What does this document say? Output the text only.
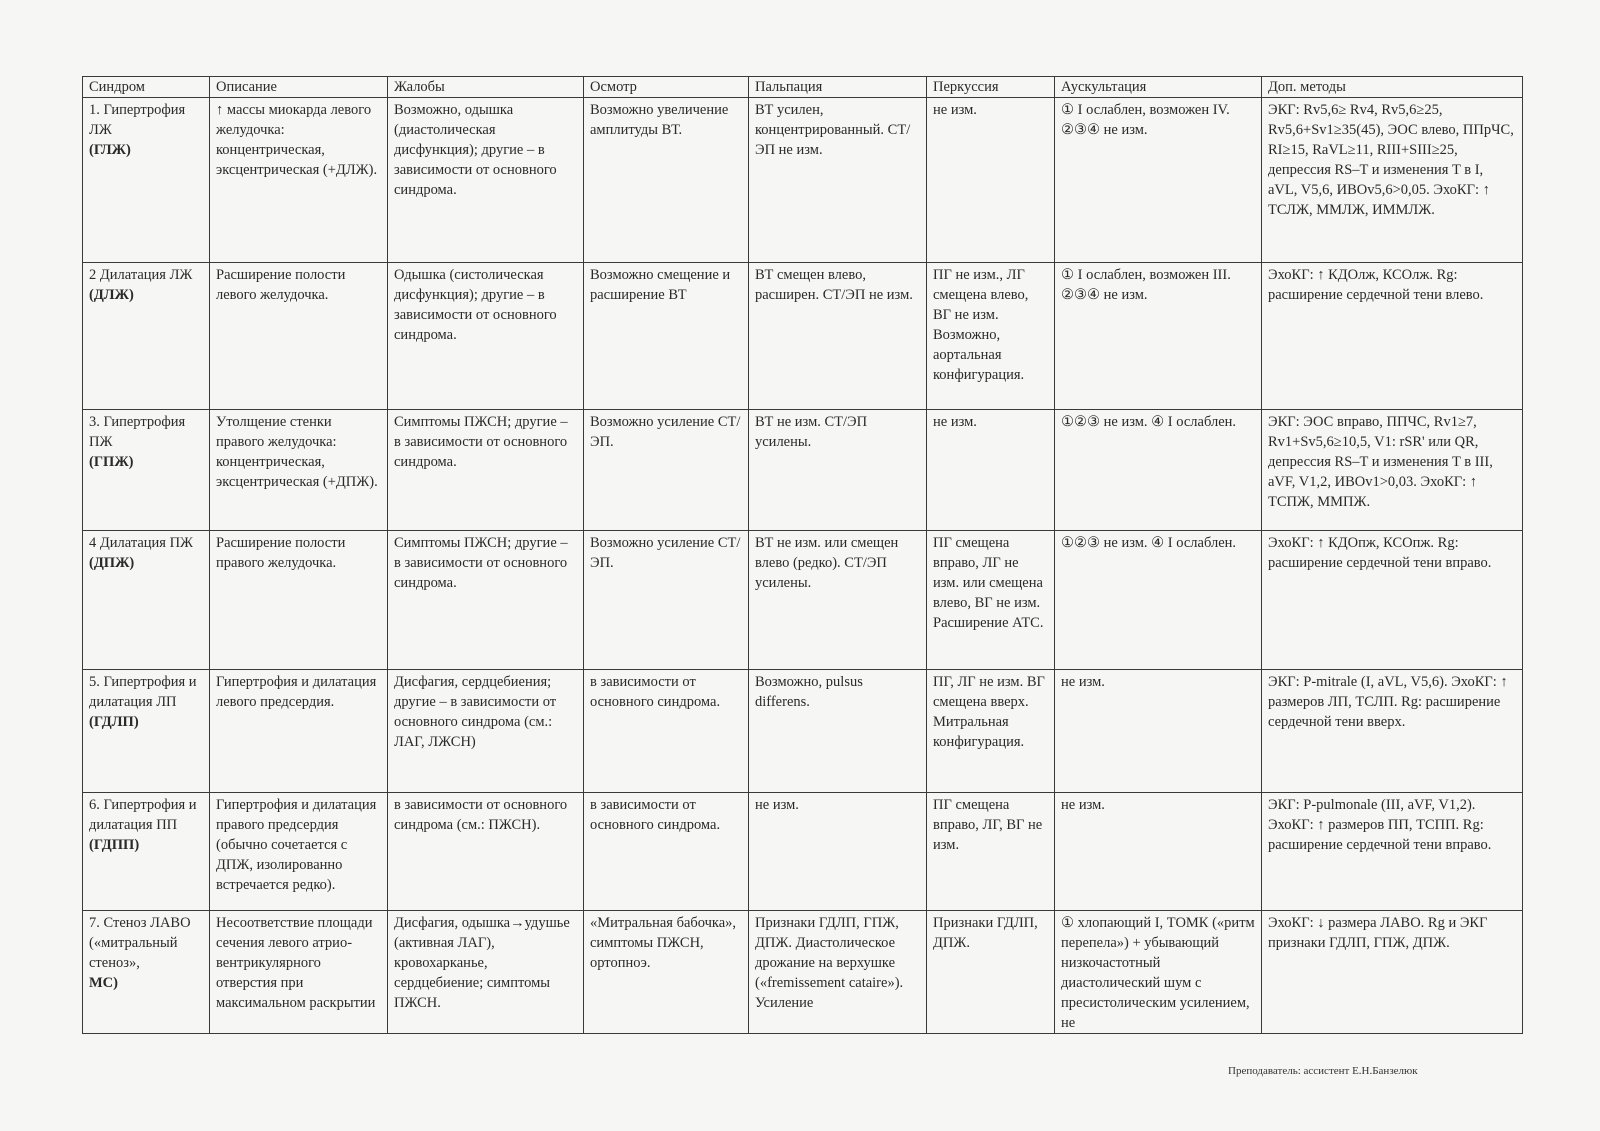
Синдром	Описание	Жалобы	Осмотр	Пальпация	Перкуссия	Аускультация	Доп. методы

1. Гипертрофия ЛЖ
(ГЛЖ)	↑ массы миокарда левого желудочка: концентрическая, эксцентрическая (+ДЛЖ).	Возможно, одышка (диастолическая дисфункция); другие – в зависимости от основного синдрома.	Возможно увеличение амплитуды ВТ.	ВТ усилен, концентрированный. СТ/ЭП не изм.	не изм.	① I ослаблен, возможен IV. ②③④ не изм.	ЭКГ: Rv5,6≥ Rv4, Rv5,6≥25, Rv5,6+Sv1≥35(45), ЭОС влево, ППрЧС, RI≥15, RaVL≥11, RIII+SIII≥25, депрессия RS–T и изменения T в I, aVL, V5,6, ИВОv5,6>0,05. ЭхоКГ: ↑ ТСЛЖ, ММЛЖ, ИММЛЖ.

2 Дилатация ЛЖ
(ДЛЖ)	Расширение полости левого желудочка.	Одышка (систолическая дисфункция); другие – в зависимости от основного синдрома.	Возможно смещение и расширение ВТ	ВТ смещен влево, расширен. СТ/ЭП не изм.	ПГ не изм., ЛГ смещена влево, ВГ не изм. Возможно, аортальная конфигурация.	① I ослаблен, возможен III. ②③④ не изм.	ЭхоКГ: ↑ КДОлж, КСОлж. Rg: расширение сердечной тени влево.

3. Гипертрофия ПЖ
(ГПЖ)	Утолщение стенки правого желудочка: концентрическая, эксцентрическая (+ДПЖ).	Симптомы ПЖСН; другие – в зависимости от основного синдрома.	Возможно усиление СТ/ЭП.	ВТ не изм. СТ/ЭП усилены.	не изм.	①②③ не изм. ④ I ослаблен.	ЭКГ: ЭОС вправо, ППЧС, Rv1≥7, Rv1+Sv5,6≥10,5, V1: rSR' или QR, депрессия RS–T и изменения T в III, aVF, V1,2, ИВОv1>0,03. ЭхоКГ: ↑ ТСПЖ, ММПЖ.

4 Дилатация ПЖ
(ДПЖ)	Расширение полости правого желудочка.	Симптомы ПЖСН; другие – в зависимости от основного синдрома.	Возможно усиление СТ/ЭП.	ВТ не изм. или смещен влево (редко). СТ/ЭП усилены.	ПГ смещена вправо, ЛГ не изм. или смещена влево, ВГ не изм. Расширение АТС.	①②③ не изм. ④ I ослаблен.	ЭхоКГ: ↑ КДОпж, КСОпж. Rg: расширение сердечной тени вправо.

5. Гипертрофия и дилатация ЛП
(ГДЛП)	Гипертрофия и дилатация левого предсердия.	Дисфагия, сердцебиения; другие – в зависимости от основного синдрома (см.: ЛАГ, ЛЖСН)	в зависимости от основного синдрома.	Возможно, pulsus differens.	ПГ, ЛГ не изм. ВГ смещена вверх. Митральная конфигурация.	не изм.	ЭКГ: P-mitrale (I, aVL, V5,6). ЭхоКГ: ↑ размеров ЛП, ТСЛП. Rg: расширение сердечной тени вверх.

6. Гипертрофия и дилатация ПП
(ГДПП)	Гипертрофия и дилатация правого предсердия (обычно сочетается с ДПЖ, изолированно встречается редко).	в зависимости от основного синдрома (см.: ПЖСН).	в зависимости от основного синдрома.	не изм.	ПГ смещена вправо, ЛГ, ВГ не изм.	не изм.	ЭКГ: P-pulmonale (III, aVF, V1,2). ЭхоКГ: ↑ размеров ПП, ТСПП. Rg: расширение сердечной тени вправо.

7. Стеноз ЛАВО («митральный стеноз»,
МС)	Несоответствие площади сечения левого атрио-вентрикулярного отверстия при максимальном раскрытии	Дисфагия, одышка→удушье (активная ЛАГ), кровохарканье, сердцебиение; симптомы ПЖСН.	«Митральная бабочка», симптомы ПЖСН, ортопноэ.	Признаки ГДЛП, ГПЖ, ДПЖ. Диастолическое дрожание на верхушке («fremissement cataire»). Усиление	Признаки ГДЛП, ДПЖ.	① хлопающий I, ТОМК («ритм перепела») + убывающий низкочастотный диастолический шум с пресистолическим усилением, не	ЭхоКГ: ↓ размера ЛАВО. Rg и ЭКГ признаки ГДЛП, ГПЖ, ДПЖ.
Преподаватель: ассистент Е.Н.Банзелюк
